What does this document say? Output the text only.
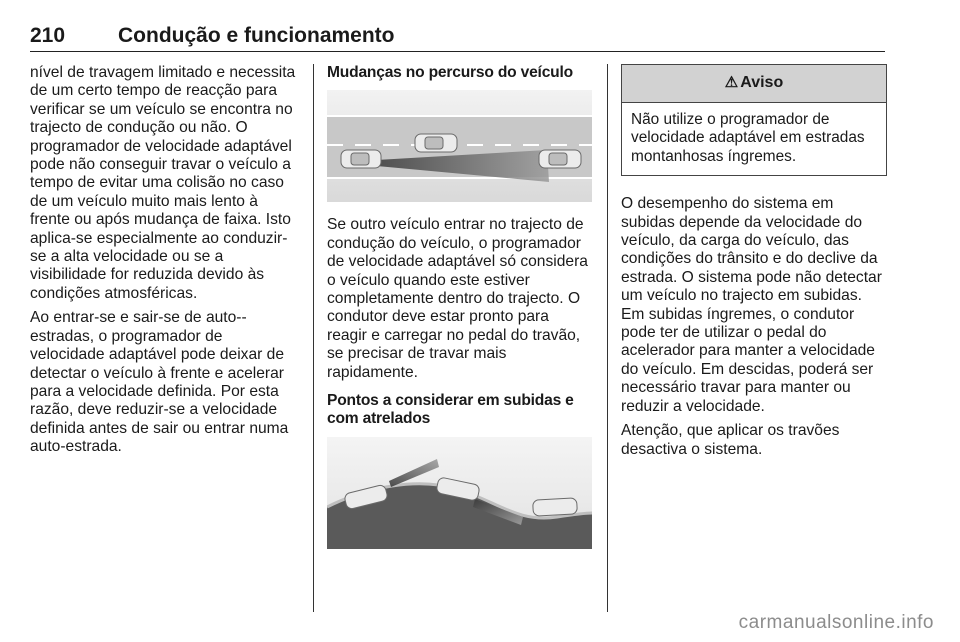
210	Condução e funcionamento

nível de travagem limitado e necessita de um certo tempo de reacção para verificar se um veículo se encontra no trajecto de condução ou não. O programador de velocidade adaptável pode não conseguir travar o veículo a tempo de evitar uma colisão no caso de um veículo muito mais lento à frente ou após mudança de faixa. Isto aplica-se especialmente ao conduzir-se a alta velocidade ou se a visibilidade for reduzida devido às condições atmosféricas.

Ao entrar-se e sair-se de auto--estradas, o programador de velocidade adaptável pode deixar de detectar o veículo à frente e acelerar para a velocidade definida. Por esta razão, deve reduzir-se a velocidade definida antes de sair ou entrar numa auto-estrada.

Mudanças no percurso do veículo

Se outro veículo entrar no trajecto de condução do veículo, o programador de velocidade adaptável só considera o veículo quando este estiver completamente dentro do trajecto. O condutor deve estar pronto para reagir e carregar no pedal do travão, se precisar de travar mais rapidamente.

Pontos a considerar em subidas e com atrelados
⚠ Aviso
Não utilize o programador de velocidade adaptável em estradas montanhosas íngremes.

O desempenho do sistema em subidas depende da velocidade do veículo, da carga do veículo, das condições do trânsito e do declive da estrada. O sistema pode não detectar um veículo no trajecto em subidas. Em subidas íngremes, o condutor pode ter de utilizar o pedal do acelerador para manter a velocidade do veículo. Em descidas, poderá ser necessário travar para manter ou reduzir a velocidade.

Atenção, que aplicar os travões desactiva o sistema.

carmanualsonline.info
